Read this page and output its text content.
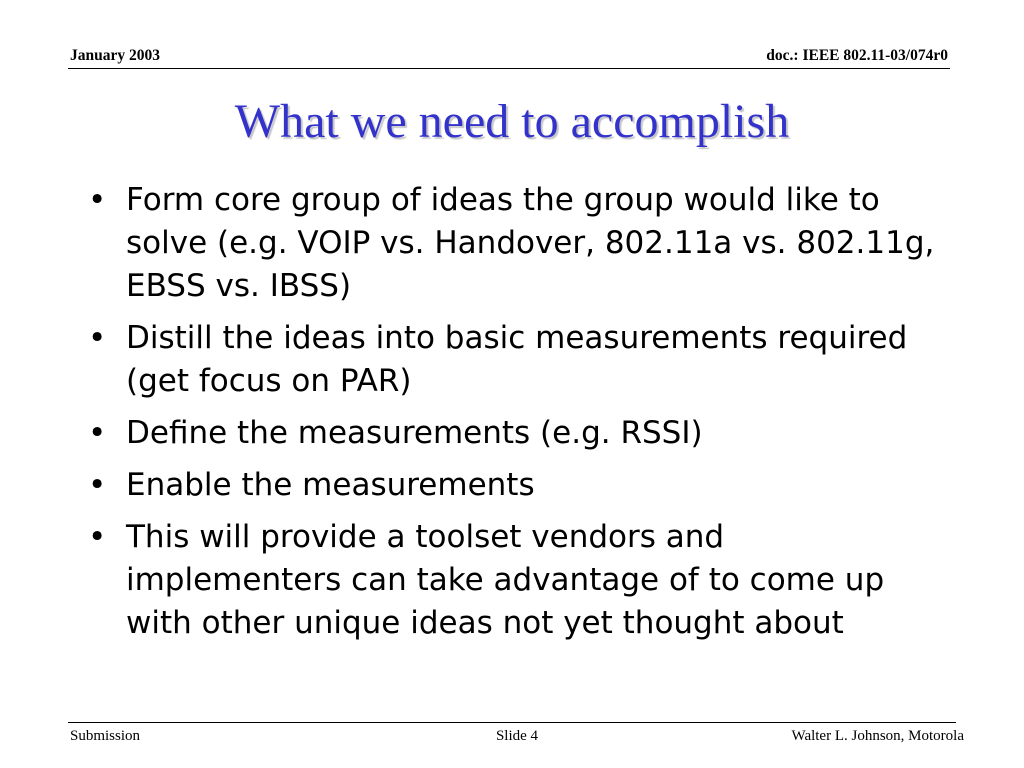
January 2003	doc.: IEEE 802.11-03/074r0
What we need to accomplish
• Form core group of ideas the group would like to solve (e.g. VOIP vs. Handover, 802.11a vs. 802.11g, EBSS vs. IBSS)
• Distill the ideas into basic measurements required (get focus on PAR)
• Define the measurements (e.g. RSSI)
• Enable the measurements
• This will provide a toolset vendors and implementers can take advantage of to come up with other unique ideas not yet thought about
Submission	Slide 4	Walter L. Johnson, Motorola
